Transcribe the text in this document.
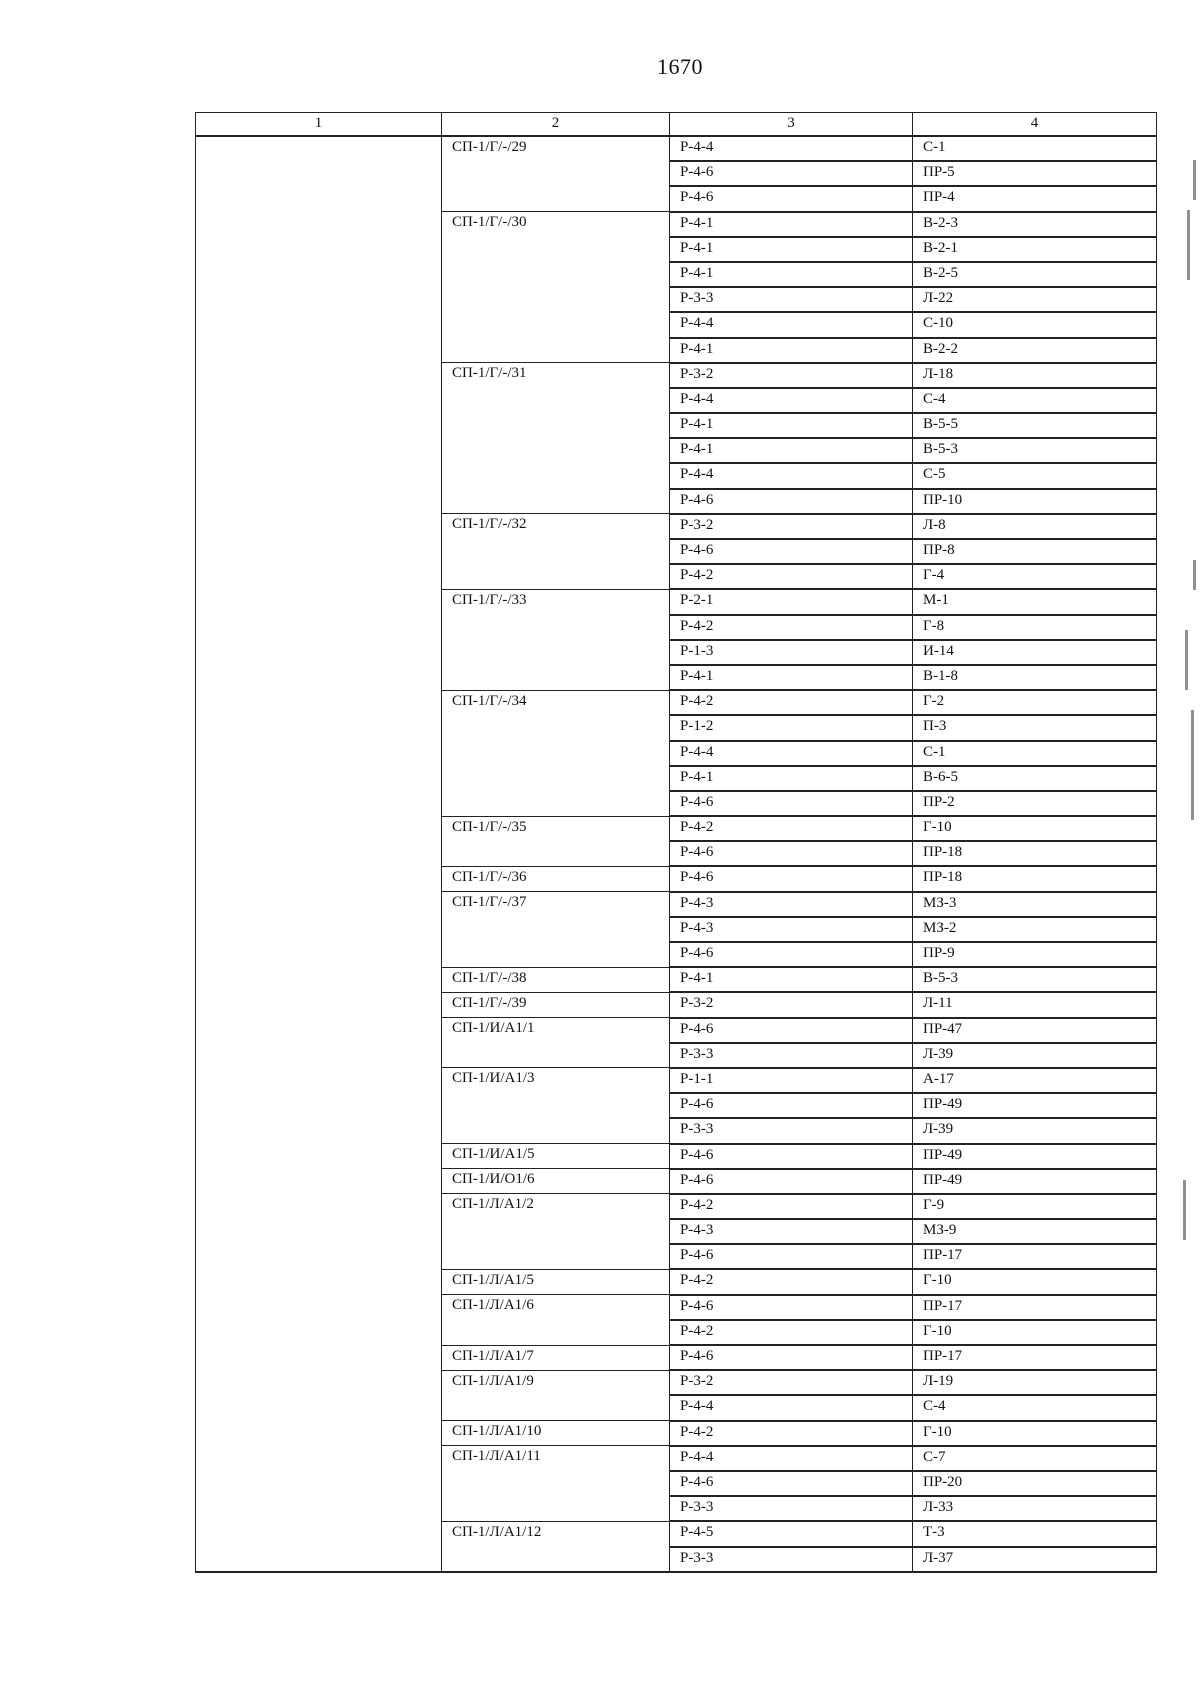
1670
1	2	3	4
	СП-1/Г/-/29	Р-4-4	С-1
		Р-4-6	ПР-5
		Р-4-6	ПР-4
	СП-1/Г/-/30	Р-4-1	В-2-3
		Р-4-1	В-2-1
		Р-4-1	В-2-5
		Р-3-3	Л-22
		Р-4-4	С-10
		Р-4-1	В-2-2
	СП-1/Г/-/31	Р-3-2	Л-18
		Р-4-4	С-4
		Р-4-1	В-5-5
		Р-4-1	В-5-3
		Р-4-4	С-5
		Р-4-6	ПР-10
	СП-1/Г/-/32	Р-3-2	Л-8
		Р-4-6	ПР-8
		Р-4-2	Г-4
	СП-1/Г/-/33	Р-2-1	М-1
		Р-4-2	Г-8
		Р-1-3	И-14
		Р-4-1	В-1-8
	СП-1/Г/-/34	Р-4-2	Г-2
		Р-1-2	П-3
		Р-4-4	С-1
		Р-4-1	В-6-5
		Р-4-6	ПР-2
	СП-1/Г/-/35	Р-4-2	Г-10
		Р-4-6	ПР-18
	СП-1/Г/-/36	Р-4-6	ПР-18
	СП-1/Г/-/37	Р-4-3	МЗ-3
		Р-4-3	МЗ-2
		Р-4-6	ПР-9
	СП-1/Г/-/38	Р-4-1	В-5-3
	СП-1/Г/-/39	Р-3-2	Л-11
	СП-1/И/А1/1	Р-4-6	ПР-47
		Р-3-3	Л-39
	СП-1/И/А1/3	Р-1-1	А-17
		Р-4-6	ПР-49
		Р-3-3	Л-39
	СП-1/И/А1/5	Р-4-6	ПР-49
	СП-1/И/О1/6	Р-4-6	ПР-49
	СП-1/Л/А1/2	Р-4-2	Г-9
		Р-4-3	МЗ-9
		Р-4-6	ПР-17
	СП-1/Л/А1/5	Р-4-2	Г-10
	СП-1/Л/А1/6	Р-4-6	ПР-17
		Р-4-2	Г-10
	СП-1/Л/А1/7	Р-4-6	ПР-17
	СП-1/Л/А1/9	Р-3-2	Л-19
		Р-4-4	С-4
	СП-1/Л/А1/10	Р-4-2	Г-10
	СП-1/Л/А1/11	Р-4-4	С-7
		Р-4-6	ПР-20
		Р-3-3	Л-33
	СП-1/Л/А1/12	Р-4-5	Т-3
		Р-3-3	Л-37
